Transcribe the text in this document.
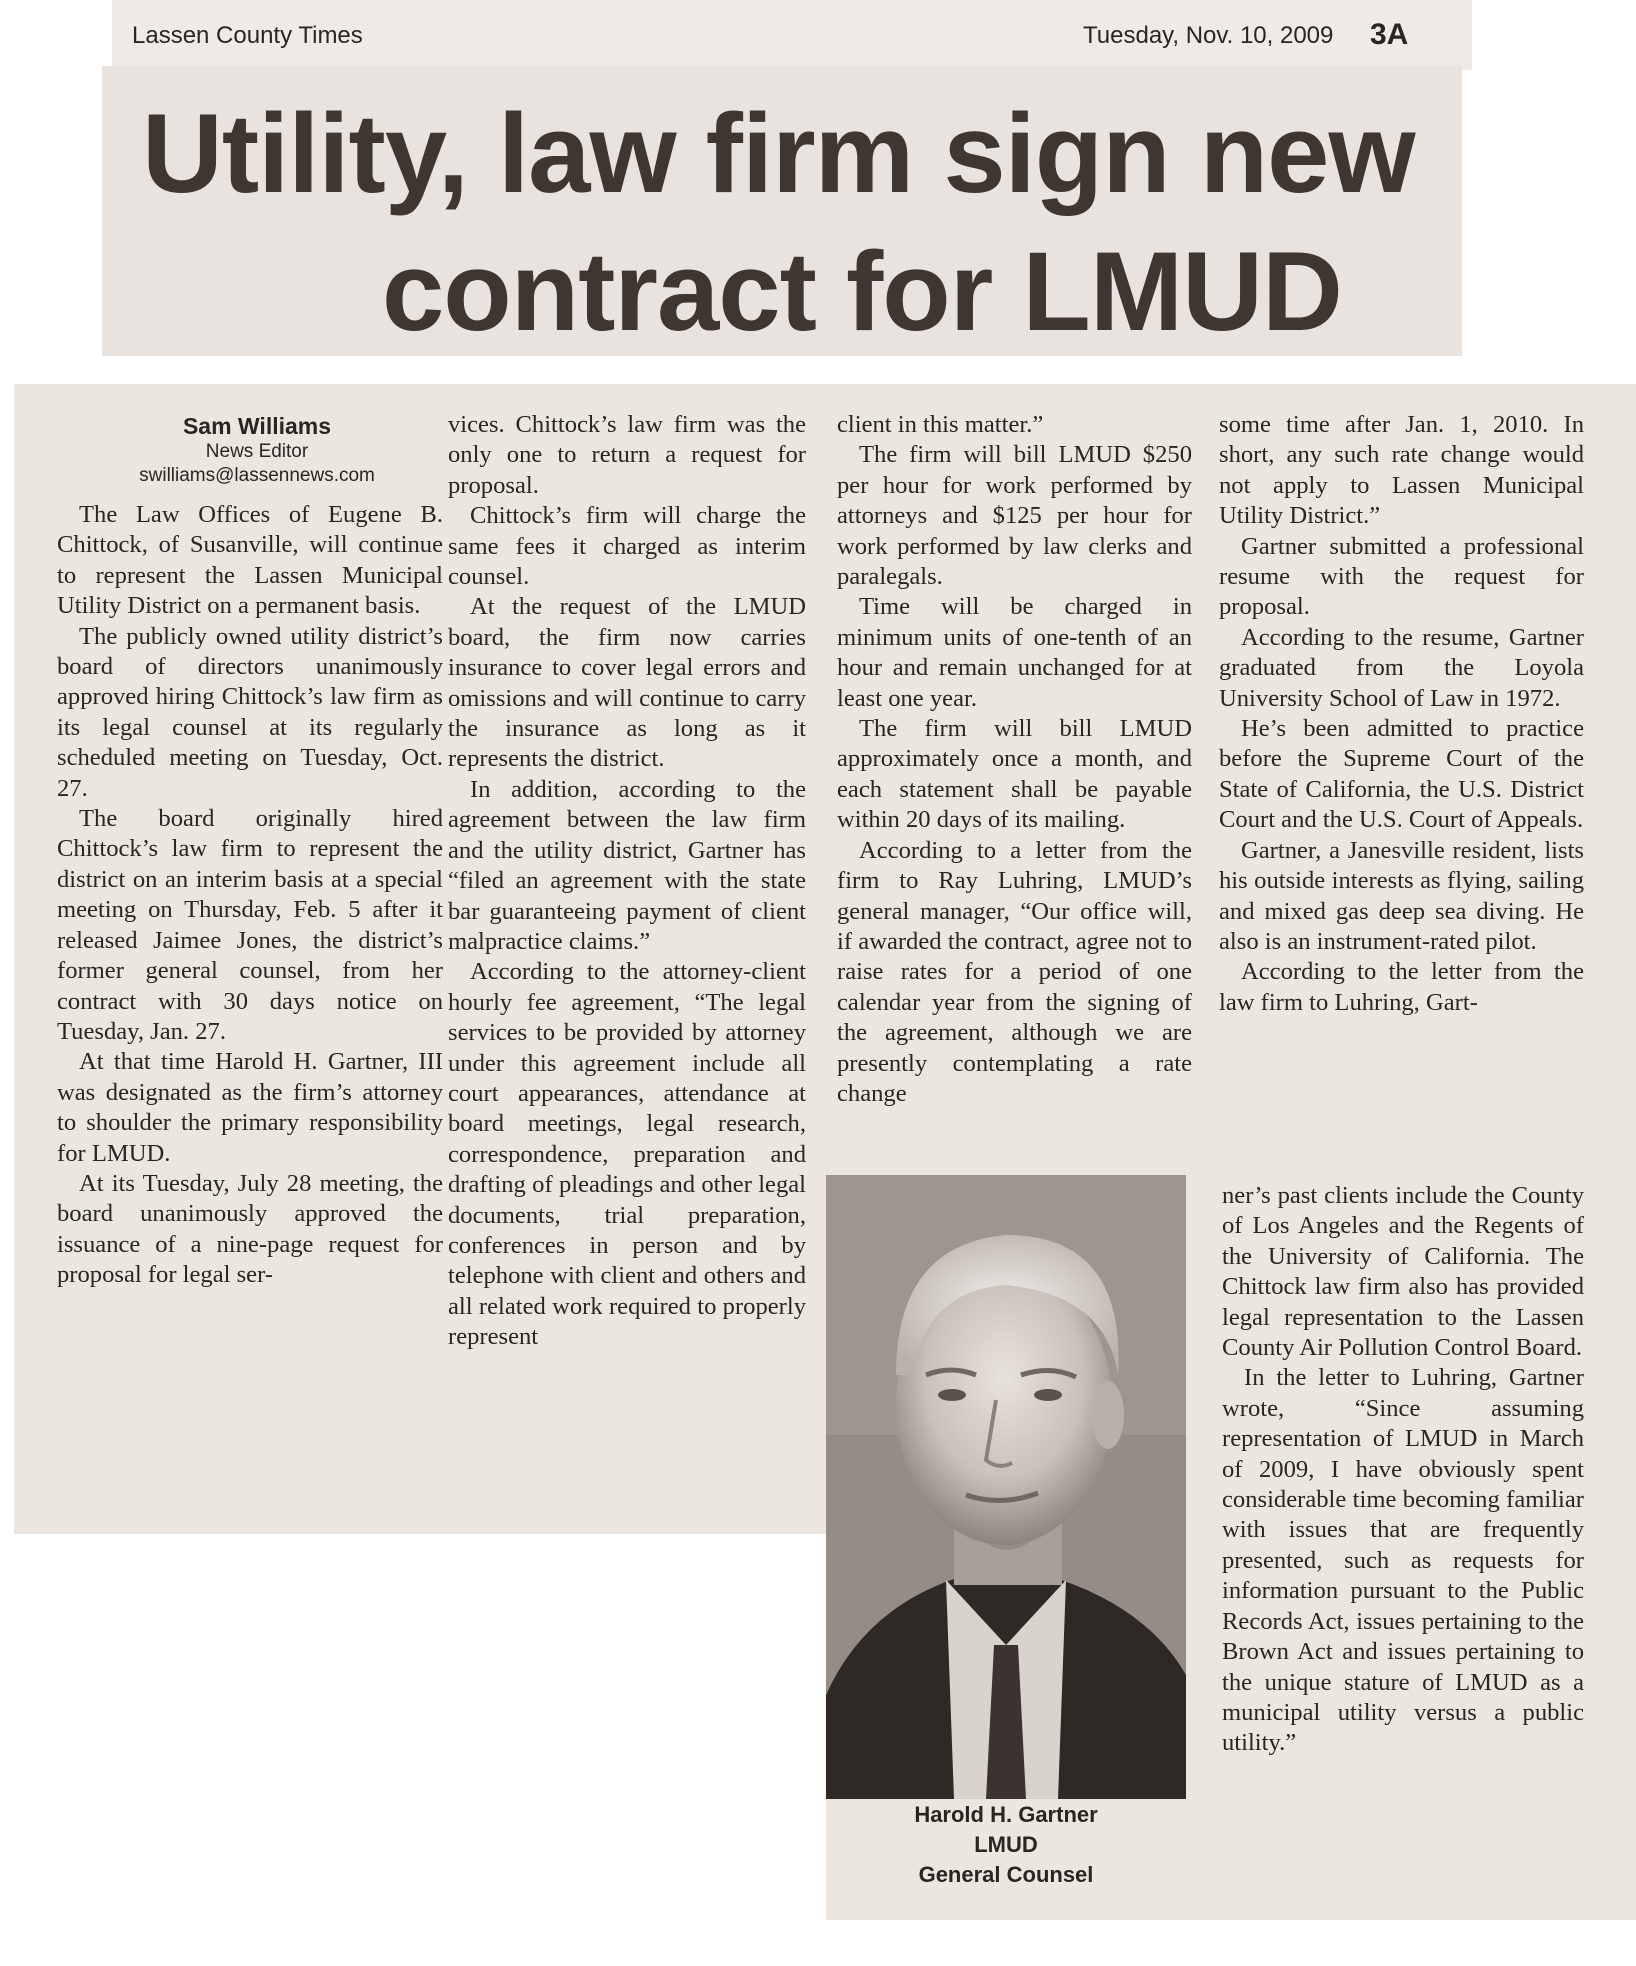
Lassen County Times	Tuesday, Nov. 10, 2009 3A
Utility, law firm sign new
contract for LMUD
Sam Williams
News Editor
swilliams@lassennews.com

The Law Offices of Eugene B. Chittock, of Susanville, will continue to represent the Lassen Municipal Utility District on a permanent basis.

The publicly owned utility district’s board of directors unanimously approved hiring Chittock’s law firm as its legal counsel at its regularly scheduled meeting on Tuesday, Oct. 27.

The board originally hired Chittock’s law firm to represent the district on an interim basis at a special meeting on Thursday, Feb. 5 after it released Jaimee Jones, the district’s former general counsel, from her contract with 30 days notice on Tuesday, Jan. 27.

At that time Harold H. Gartner, III was designated as the firm’s attorney to shoulder the primary responsibility for LMUD.

At its Tuesday, July 28 meeting, the board unanimously approved the issuance of a nine-page request for proposal for legal ser-

vices. Chittock’s law firm was the only one to return a request for proposal.

Chittock’s firm will charge the same fees it charged as interim counsel.

At the request of the LMUD board, the firm now carries insurance to cover legal errors and omissions and will continue to carry the insurance as long as it represents the district.

In addition, according to the agreement between the law firm and the utility district, Gartner has “filed an agreement with the state bar guaranteeing payment of client malpractice claims.”

According to the attorney-client hourly fee agreement, “The legal services to be provided by attorney under this agreement include all court appearances, attendance at board meetings, legal research, correspondence, preparation and drafting of pleadings and other legal documents, trial preparation, conferences in person and by telephone with client and others and all related work required to properly represent

client in this matter.”

The firm will bill LMUD $250 per hour for work performed by attorneys and $125 per hour for work performed by law clerks and paralegals.

Time will be charged in minimum units of one-tenth of an hour and remain unchanged for at least one year.

The firm will bill LMUD approximately once a month, and each statement shall be payable within 20 days of its mailing.

According to a letter from the firm to Ray Luhring, LMUD’s general manager, “Our office will, if awarded the contract, agree not to raise rates for a period of one calendar year from the signing of the agreement, although we are presently contemplating a rate change

some time after Jan. 1, 2010. In short, any such rate change would not apply to Lassen Municipal Utility District.”

Gartner submitted a professional resume with the request for proposal.

According to the resume, Gartner graduated from the Loyola University School of Law in 1972.

He’s been admitted to practice before the Supreme Court of the State of California, the U.S. District Court and the U.S. Court of Appeals.

Gartner, a Janesville resident, lists his outside interests as flying, sailing and mixed gas deep sea diving. He also is an instrument-rated pilot.

According to the letter from the law firm to Luhring, Gart-

ner’s past clients include the County of Los Angeles and the Regents of the University of California. The Chittock law firm also has provided legal representation to the Lassen County Air Pollution Control Board.

In the letter to Luhring, Gartner wrote, “Since assuming representation of LMUD in March of 2009, I have obviously spent considerable time becoming familiar with issues that are frequently presented, such as requests for information pursuant to the Public Records Act, issues pertaining to the Brown Act and issues pertaining to the unique stature of LMUD as a municipal utility versus a public utility.”

Harold H. Gartner
LMUD
General Counsel
